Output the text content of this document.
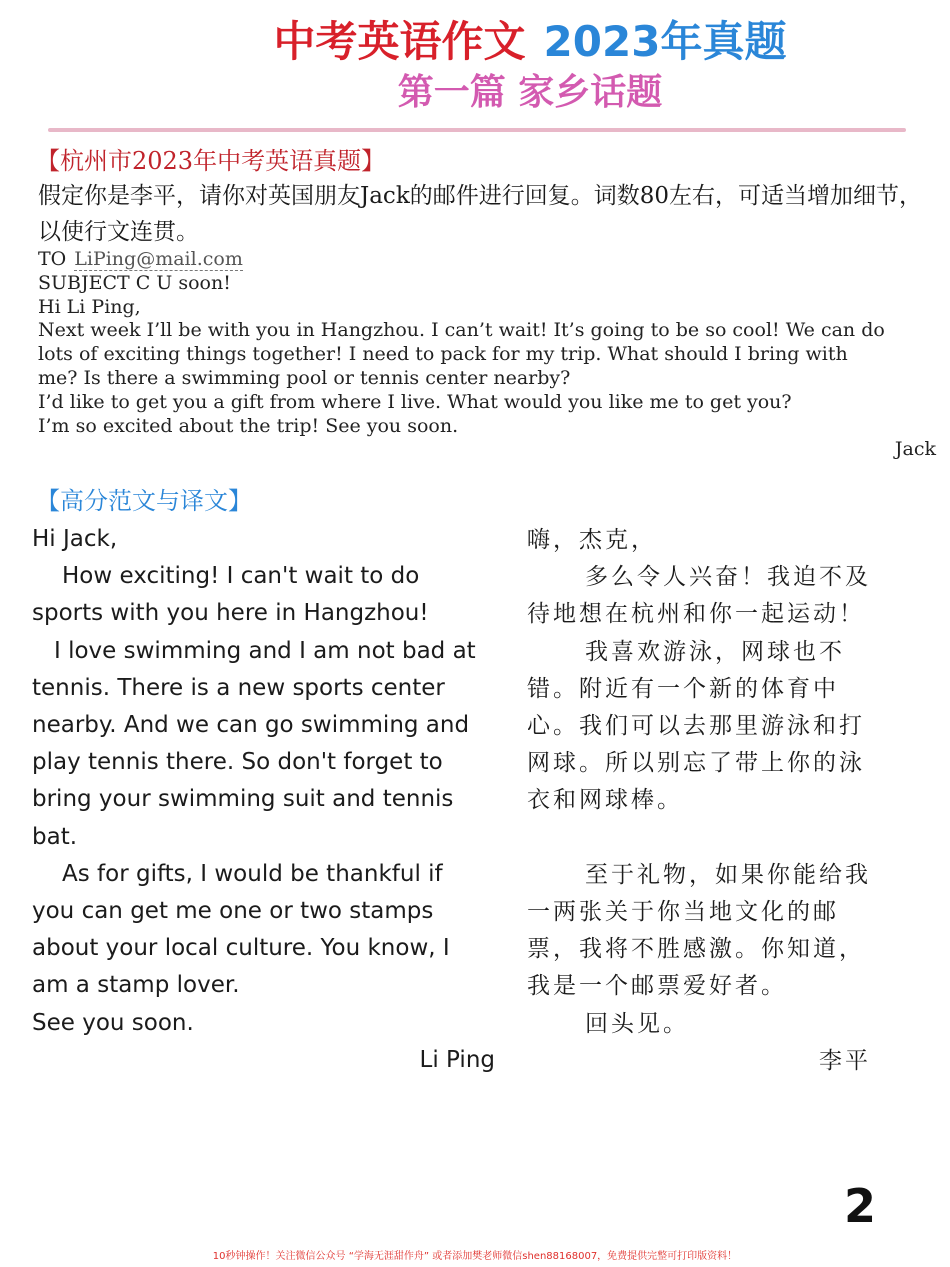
中考英语作文 2023年真题
第一篇 家乡话题
【杭州市2023年中考英语真题】
假定你是李平，请你对英国朋友Jack的邮件进行回复。词数80左右，可适当增加细节，以使行文连贯。
TO LiPing@mail.com
SUBJECT C U soon!
Hi Li Ping,
Next week I’ll be with you in Hangzhou. I can’t wait! It’s going to be so cool! We can do
lots of exciting things together! I need to pack for my trip. What should I bring with
me? Is there a swimming pool or tennis center nearby?
I’d like to get you a gift from where I live. What would you like me to get you?
I’m so excited about the trip! See you soon.
Jack
【高分范文与译文】
Hi Jack,
How exciting! I can't wait to do
sports with you here in Hangzhou!
I love swimming and I am not bad at
tennis. There is a new sports center
nearby. And we can go swimming and
play tennis there. So don't forget to
bring your swimming suit and tennis
bat.
As for gifts, I would be thankful if
you can get me one or two stamps
about your local culture. You know, I
am a stamp lover.
See you soon.
Li Ping
嗨，杰克，
多么令人兴奋！我迫不及
待地想在杭州和你一起运动！
我喜欢游泳，网球也不
错。附近有一个新的体育中
心。我们可以去那里游泳和打
网球。所以别忘了带上你的泳
衣和网球棒。
至于礼物，如果你能给我
一两张关于你当地文化的邮
票，我将不胜感激。你知道，
我是一个邮票爱好者。
回头见。
李平
2
10秒钟操作！关注微信公众号 “学海无涯甜作舟” 或者添加樊老师微信shen88168007，免费提供完整可打印版资料！
